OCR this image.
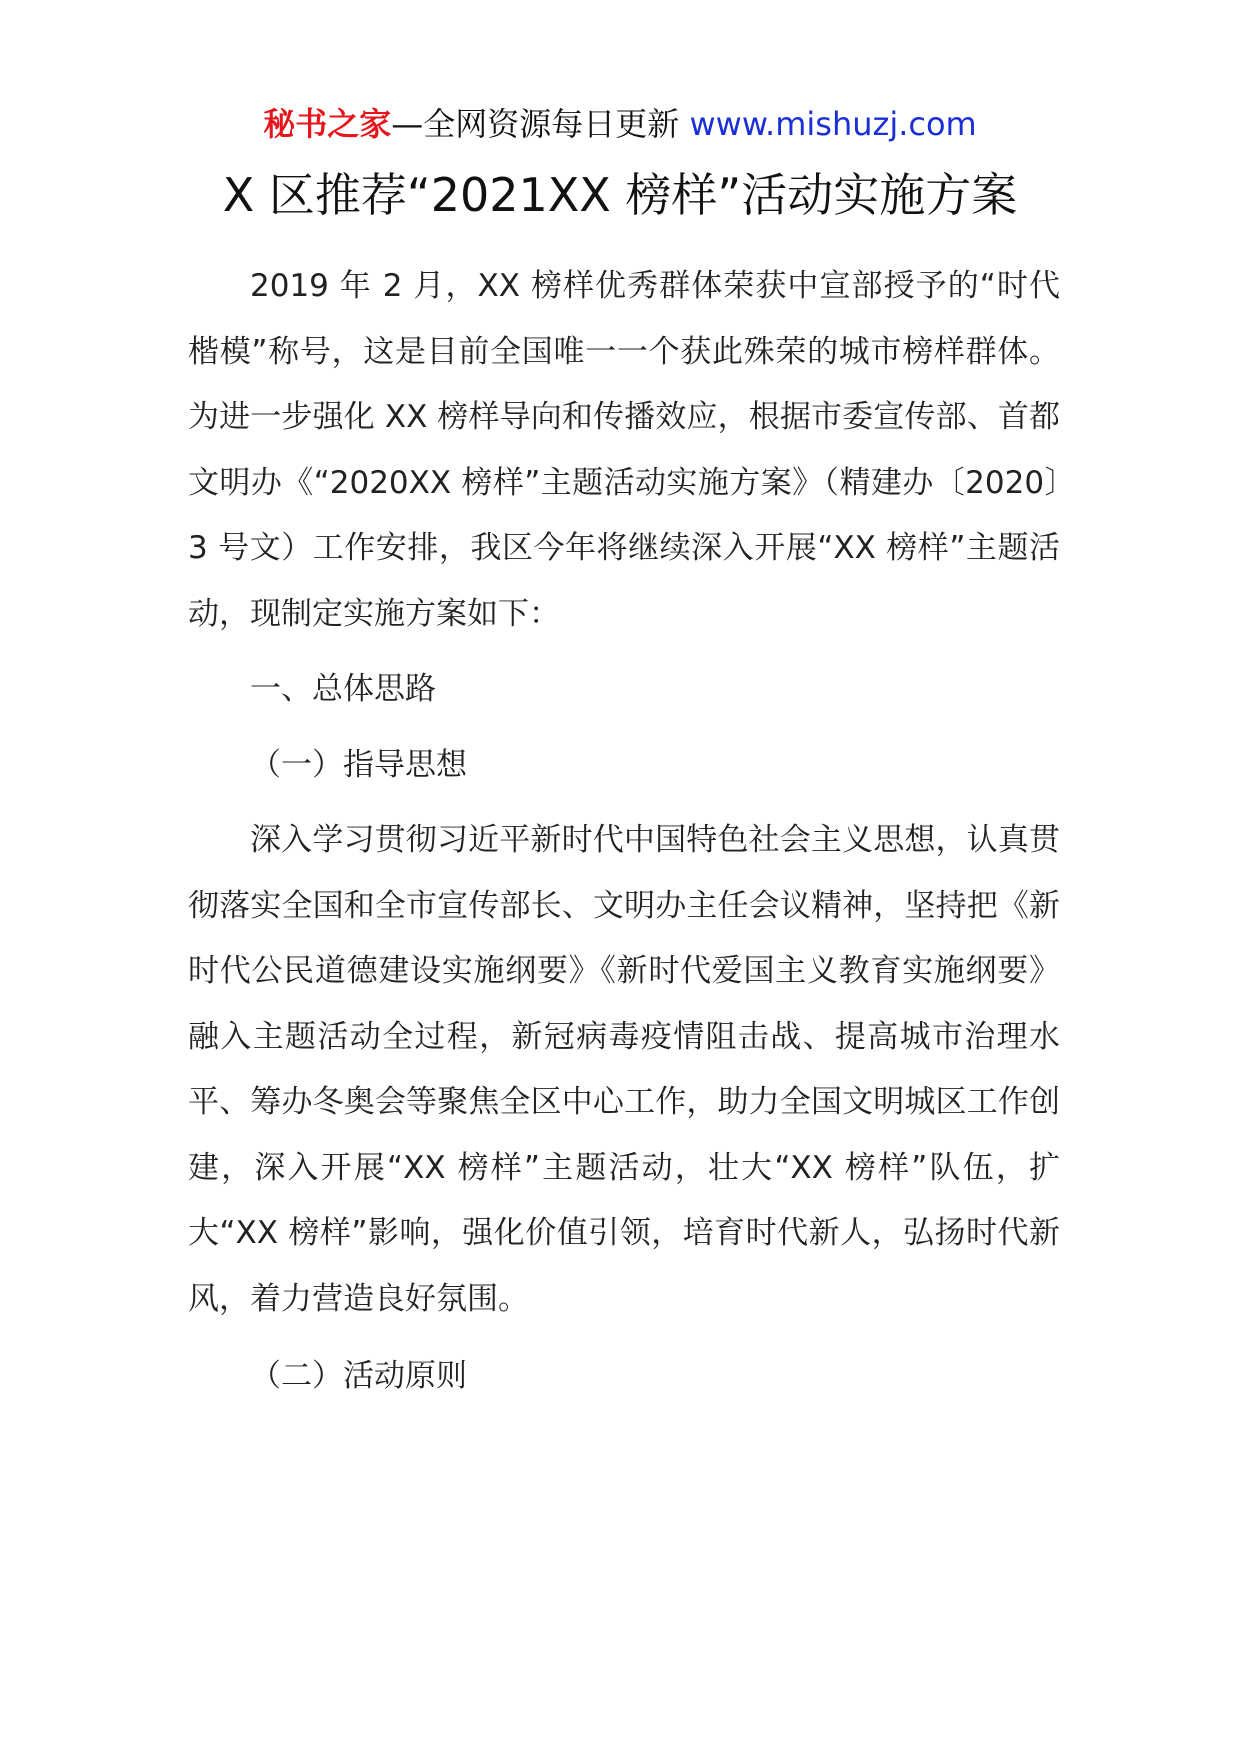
秘书之家—全网资源每日更新 www.mishuzj.com
X 区推荐“2021XX 榜样”活动实施方案

2019 年 2 月，XX 榜样优秀群体荣获中宣部授予的“时代楷模”称号，这是目前全国唯一一个获此殊荣的城市榜样群体。为进一步强化 XX 榜样导向和传播效应，根据市委宣传部、首都文明办《“2020XX 榜样”主题活动实施方案》（精建办〔2020〕3 号文）工作安排，我区今年将继续深入开展“XX 榜样”主题活动，现制定实施方案如下：

一、总体思路

（一）指导思想

深入学习贯彻习近平新时代中国特色社会主义思想，认真贯彻落实全国和全市宣传部长、文明办主任会议精神，坚持把《新时代公民道德建设实施纲要》《新时代爱国主义教育实施纲要》融入主题活动全过程，新冠病毒疫情阻击战、提高城市治理水平、筹办冬奥会等聚焦全区中心工作，助力全国文明城区工作创建，深入开展“XX 榜样”主题活动，壮大“XX 榜样”队伍，扩大“XX 榜样”影响，强化价值引领，培育时代新人，弘扬时代新风，着力营造良好氛围。

（二）活动原则
